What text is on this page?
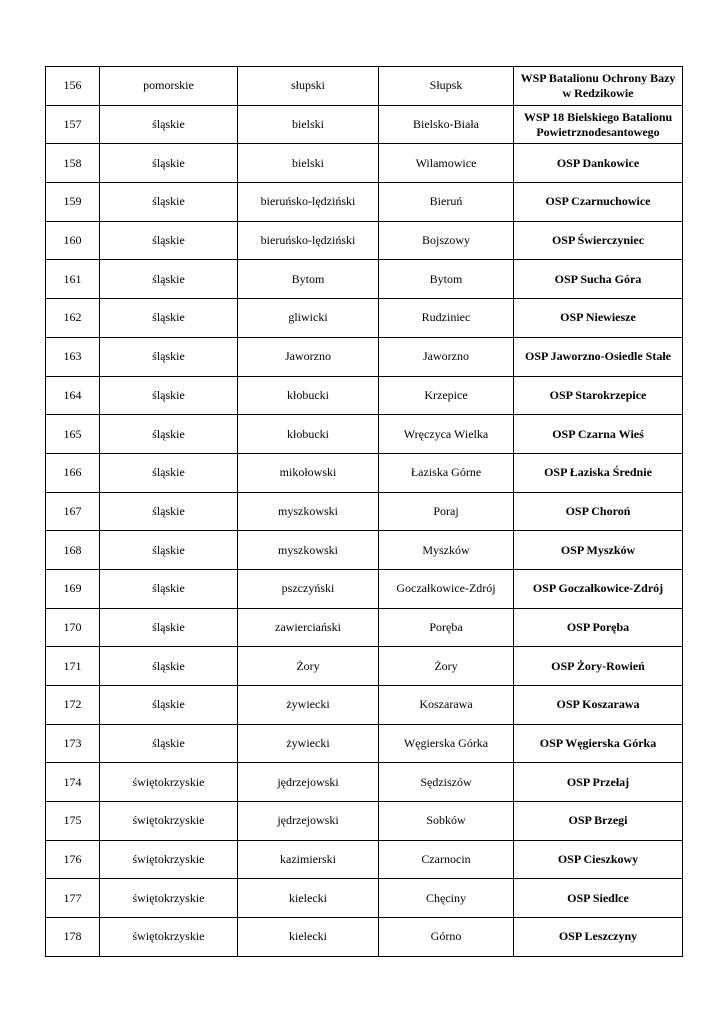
156	pomorskie	słupski	Słupsk	WSP Batalionu Ochrony Bazy w Redzikowie
157	śląskie	bielski	Bielsko-Biała	WSP 18 Bielskiego Batalionu Powietrznodesantowego
158	śląskie	bielski	Wilamowice	OSP Dankowice
159	śląskie	bieruńsko-lędziński	Bieruń	OSP Czarnuchowice
160	śląskie	bieruńsko-lędziński	Bojszowy	OSP Świerczyniec
161	śląskie	Bytom	Bytom	OSP Sucha Góra
162	śląskie	gliwicki	Rudziniec	OSP Niewiesze
163	śląskie	Jaworzno	Jaworzno	OSP Jaworzno-Osiedle Stałe
164	śląskie	kłobucki	Krzepice	OSP Starokrzepice
165	śląskie	kłobucki	Wręczyca Wielka	OSP Czarna Wieś
166	śląskie	mikołowski	Łaziska Górne	OSP Łaziska Średnie
167	śląskie	myszkowski	Poraj	OSP Choroń
168	śląskie	myszkowski	Myszków	OSP Myszków
169	śląskie	pszczyński	Goczałkowice-Zdrój	OSP Goczałkowice-Zdrój
170	śląskie	zawierciański	Poręba	OSP Poręba
171	śląskie	Żory	Żory	OSP Żory-Rowień
172	śląskie	żywiecki	Koszarawa	OSP Koszarawa
173	śląskie	żywiecki	Węgierska Górka	OSP Węgierska Górka
174	świętokrzyskie	jędrzejowski	Sędziszów	OSP Przełaj
175	świętokrzyskie	jędrzejowski	Sobków	OSP Brzegi
176	świętokrzyskie	kazimierski	Czarnocin	OSP Cieszkowy
177	świętokrzyskie	kielecki	Chęciny	OSP Siedlce
178	świętokrzyskie	kielecki	Górno	OSP Leszczyny
